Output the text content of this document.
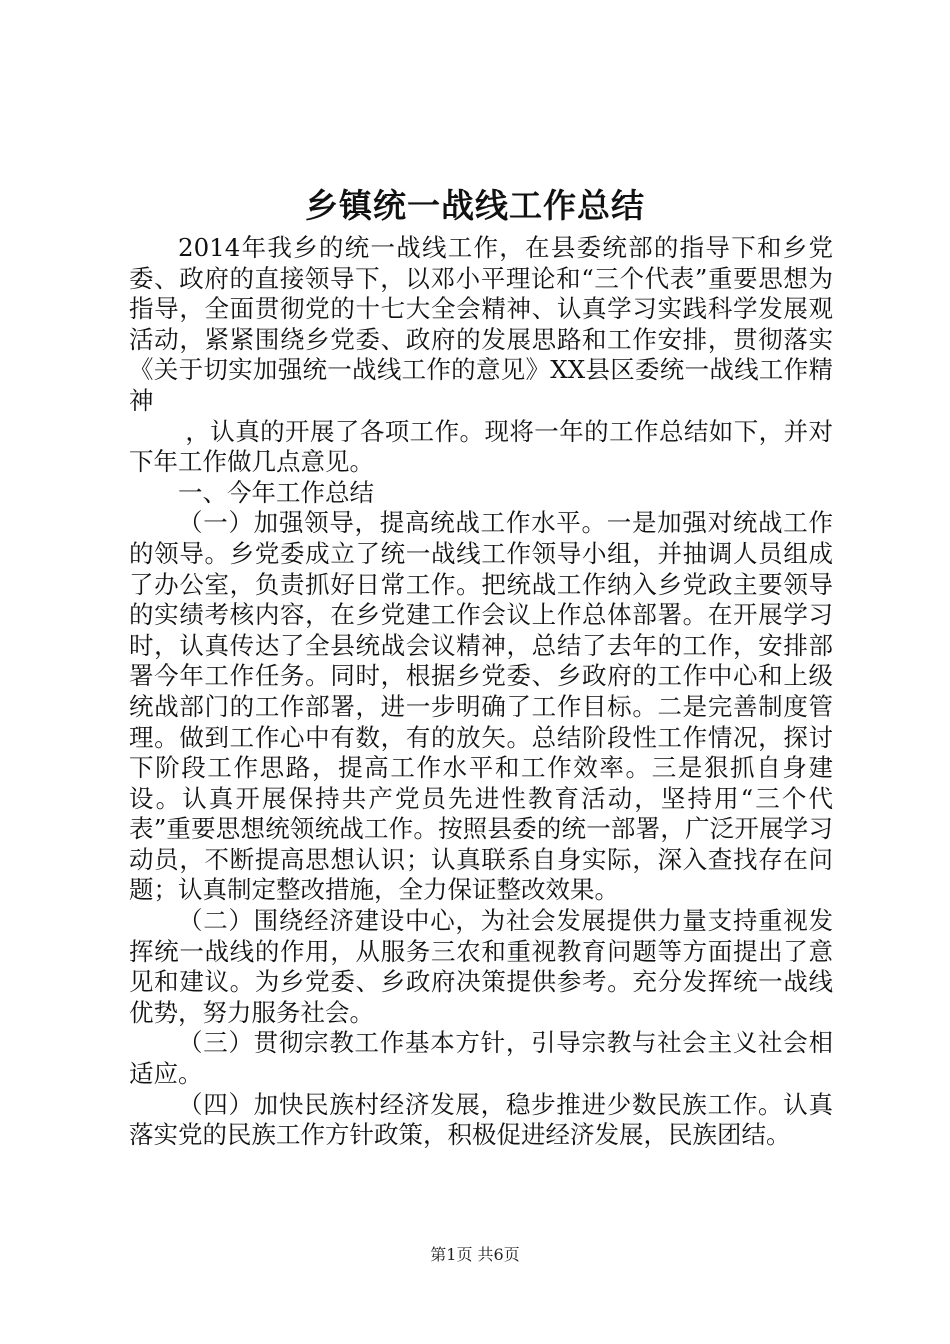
乡镇统一战线工作总结

2014年我乡的统一战线工作，在县委统部的指导下和乡党委、政府的直接领导下，以邓小平理论和“三个代表”重要思想为指导，全面贯彻党的十七大全会精神、认真学习实践科学发展观活动，紧紧围绕乡党委、政府的发展思路和工作安排，贯彻落实《关于切实加强统一战线工作的意见》XX县区委统一战线工作精神

，认真的开展了各项工作。现将一年的工作总结如下，并对下年工作做几点意见。

一、今年工作总结

（一）加强领导，提高统战工作水平。一是加强对统战工作的领导。乡党委成立了统一战线工作领导小组，并抽调人员组成了办公室，负责抓好日常工作。把统战工作纳入乡党政主要领导的实绩考核内容，在乡党建工作会议上作总体部署。在开展学习时，认真传达了全县统战会议精神，总结了去年的工作，安排部署今年工作任务。同时，根据乡党委、乡政府的工作中心和上级统战部门的工作部署，进一步明确了工作目标。二是完善制度管理。做到工作心中有数，有的放矢。总结阶段性工作情况，探讨下阶段工作思路，提高工作水平和工作效率。三是狠抓自身建设。认真开展保持共产党员先进性教育活动，坚持用“三个代表”重要思想统领统战工作。按照县委的统一部署，广泛开展学习动员，不断提高思想认识；认真联系自身实际，深入查找存在问题；认真制定整改措施，全力保证整改效果。

（二）围绕经济建设中心，为社会发展提供力量支持重视发挥统一战线的作用，从服务三农和重视教育问题等方面提出了意见和建议。为乡党委、乡政府决策提供参考。充分发挥统一战线优势，努力服务社会。

（三）贯彻宗教工作基本方针，引导宗教与社会主义社会相适应。

（四）加快民族村经济发展，稳步推进少数民族工作。认真落实党的民族工作方针政策，积极促进经济发展，民族团结。

第1页 共6页
